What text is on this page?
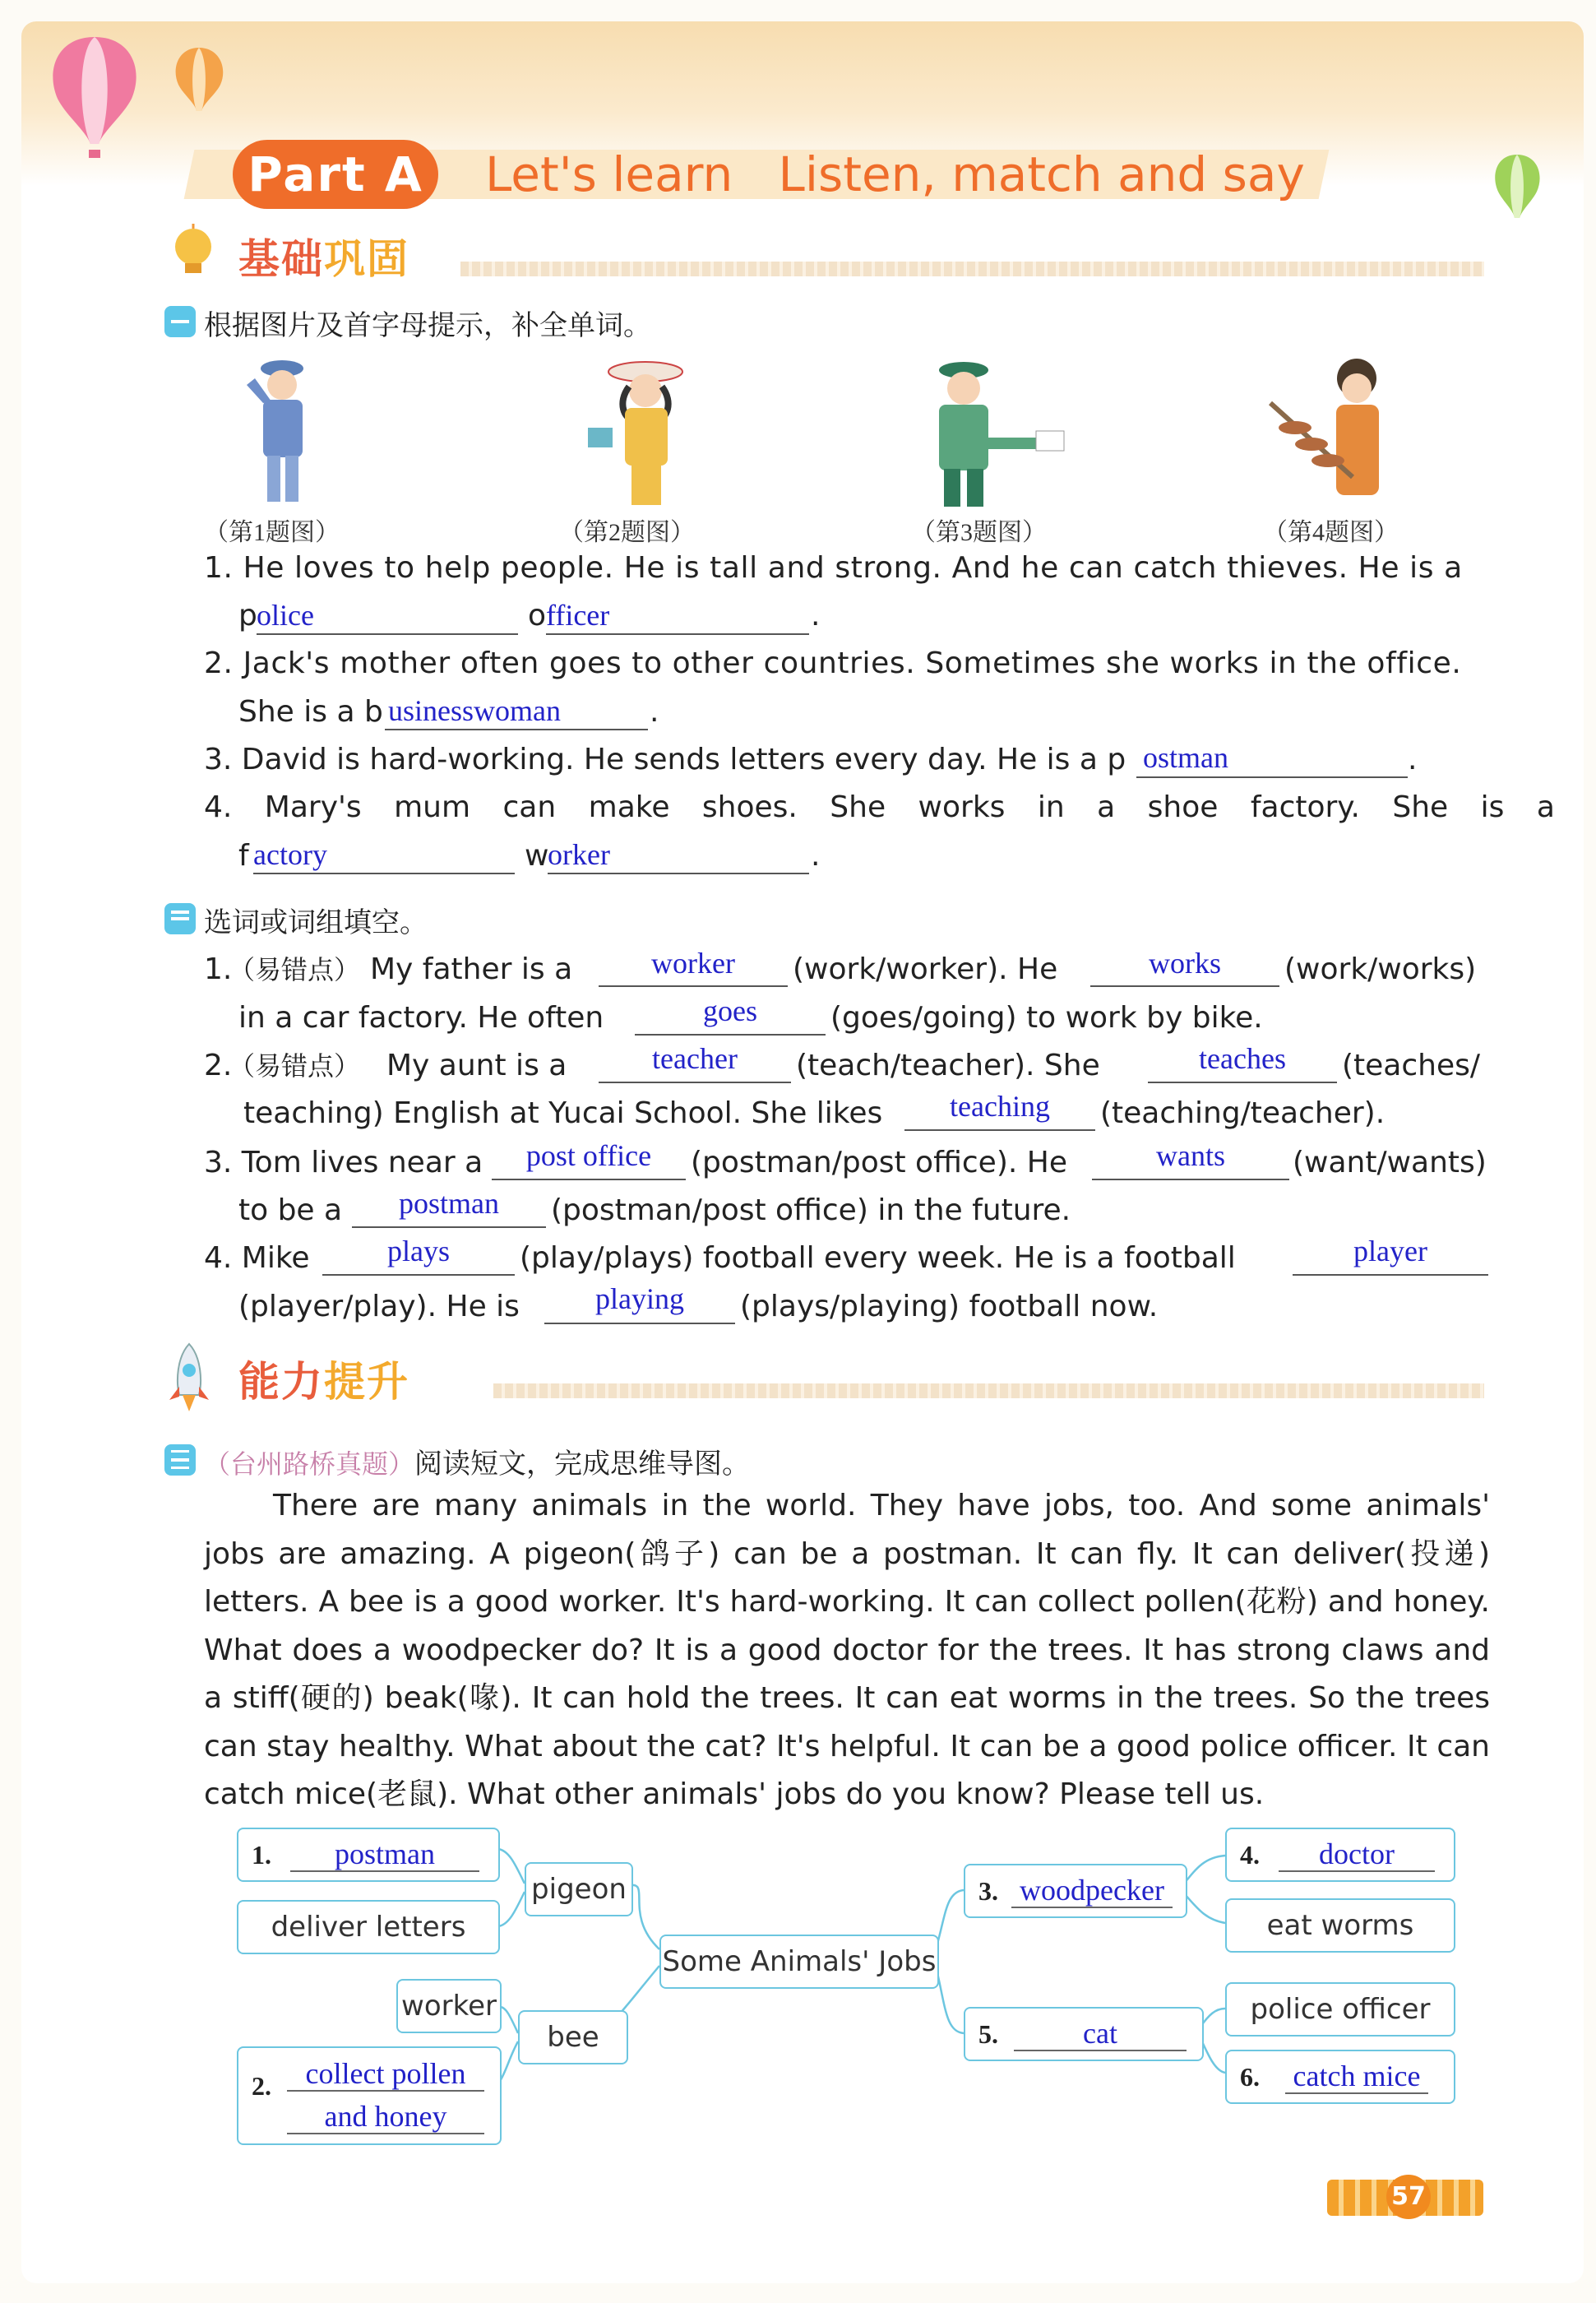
Part A	Let's learn   Listen, match and say
基础巩固
根据图片及首字母提示，补全单词。
（第1题图）	（第2题图）	（第3题图）	（第4题图）
1. He loves to help people. He is tall and strong. And he can catch thieves. He is a
p olice	o fficer	.
2. Jack's mother often goes to other countries. Sometimes she works in the office.
She is a b usinesswoman	.
3. David is hard-working. He sends letters every day. He is a p ostman	.
4. Mary's mum can make shoes. She works in a shoe factory. She is a
f actory	w
orker	.
选词或词组填空。
1.
（易错点） My father is a	worker	(work/worker). He	works	(work/works)
in a car factory. He often	goes	(goes/going) to work by bike.
2.
（易错点） My aunt is a	teacher	(teach/teacher). She	teaches	(teaches/
teaching) English at Yucai School. She likes	teaching	(teaching/teacher).
3. Tom lives near a	post office	(postman/post office). He	wants	(want/wants)
to be a	postman	(postman/post office) in the future.
4. Mike	plays	(play/plays) football every week. He is a football	player
(player/play). He is	playing	(plays/playing) football now.
能力提升
（台州路桥真题）阅读短文，完成思维导图。
There are many animals in the world. They have jobs, too. And some animals' jobs are amazing. A pigeon(鸽子) can be a postman. It can fly. It can deliver(投递) letters. A bee is a good worker. It's hard-working. It can collect pollen(花粉) and honey. What does a woodpecker do? It is a good doctor for the trees. It has strong claws and a stiff(硬的) beak(喙). It can hold the trees. It can eat worms in the trees. So the trees can stay healthy. What about the cat? It's helpful. It can be a good police officer. It can catch mice(老鼠). What other animals' jobs do you know? Please tell us.
Some Animals' Jobs
1.	postman
deliver letters
pigeon
worker
bee
2.	collect pollen
and honey
3. woodpecker
4.	doctor
eat worms
5.	cat
police officer
6. catch mice
57
